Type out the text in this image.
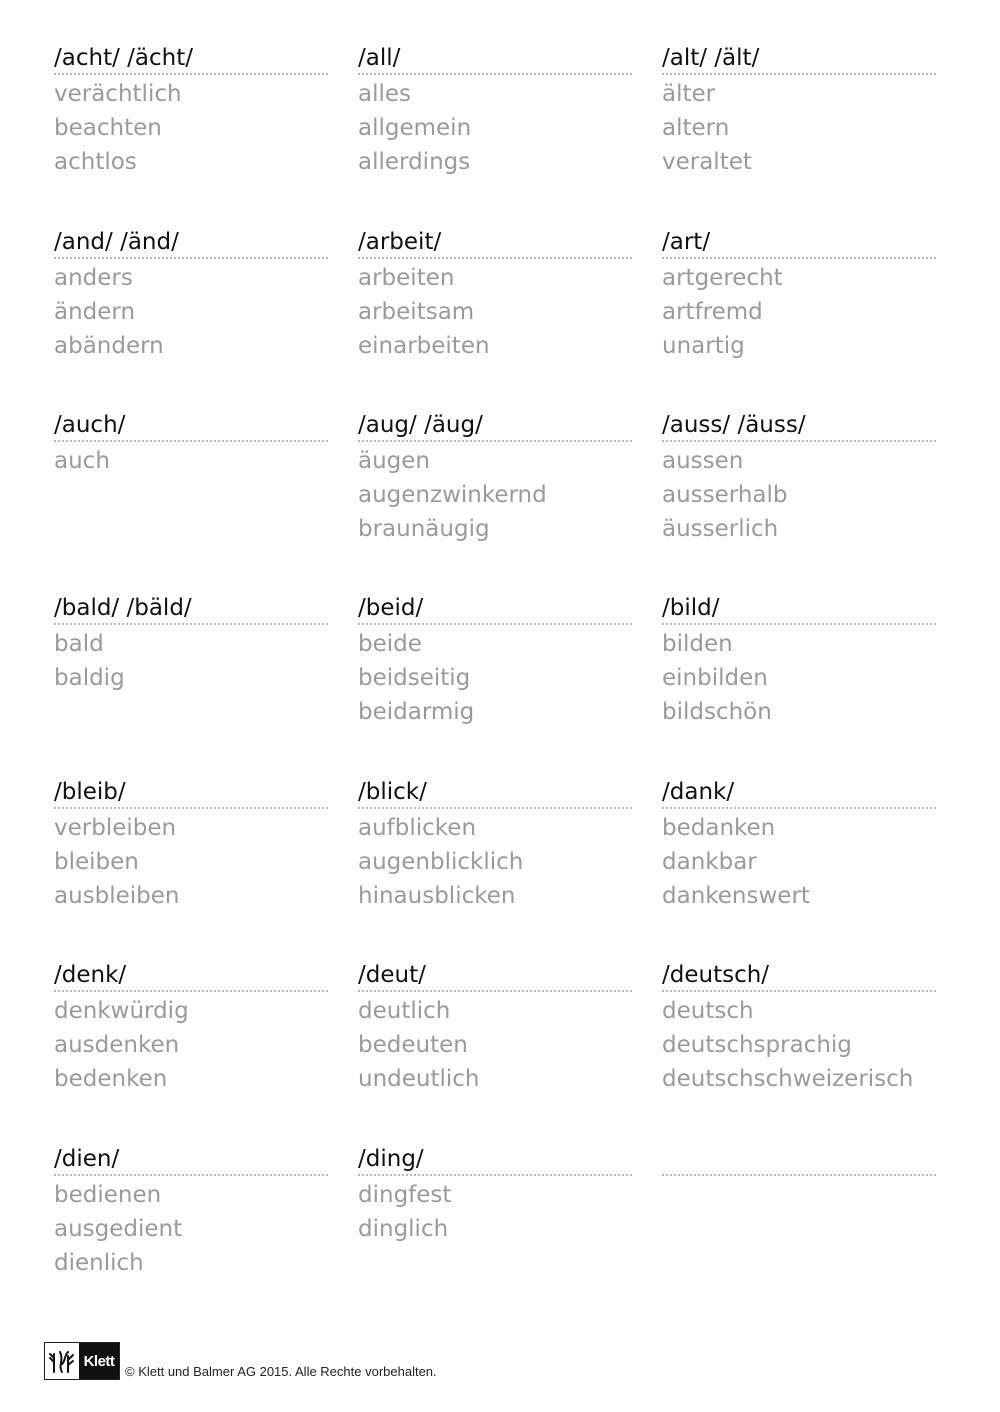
/acht/ /ächt/
verächtlich
beachten
achtlos
/and/ /änd/
anders
ändern
abändern
/auch/
auch
/bald/ /bäld/
bald
baldig
/bleib/
verbleiben
bleiben
ausbleiben
/denk/
denkwürdig
ausdenken
bedenken
/dien/
bedienen
ausgedient
dienlich
/all/
alles
allgemein
allerdings
/arbeit/
arbeiten
arbeitsam
einarbeiten
/aug/ /äug/
äugen
augenzwinkernd
braunäugig
/beid/
beide
beidseitig
beidarmig
/blick/
aufblicken
augenblicklich
hinausblicken
/deut/
deutlich
bedeuten
undeutlich
/ding/
dingfest
dinglich
/alt/ /ält/
älter
altern
veraltet
/art/
artgerecht
artfremd
unartig
/auss/ /äuss/
aussen
ausserhalb
äusserlich
/bild/
bilden
einbilden
bildschön
/dank/
bedanken
dankbar
dankenswert
/deutsch/
deutsch
deutschsprachig
deutschschweizerisch
Klett
© Klett und Balmer AG 2015. Alle Rechte vorbehalten.
